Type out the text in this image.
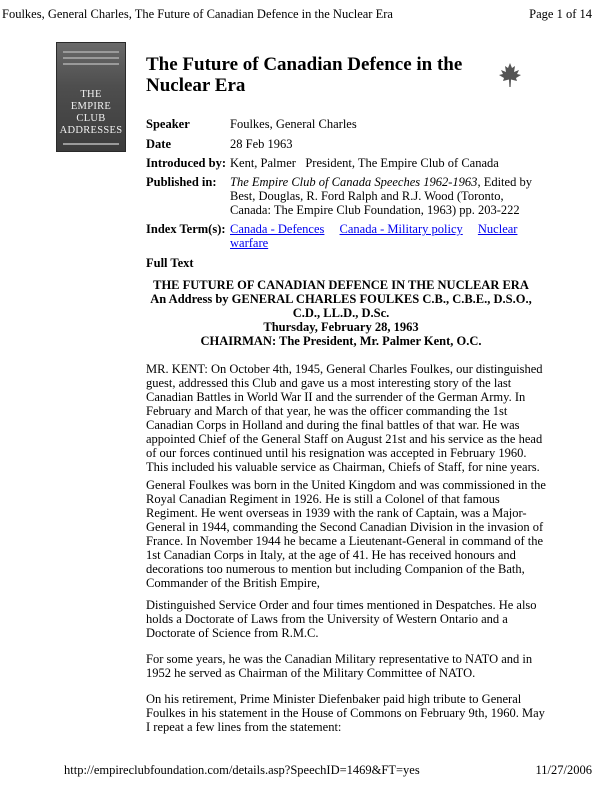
Foulkes, General Charles, The Future of Canadian Defence in the Nuclear Era	Page 1 of 14
THE
EMPIRE
CLUB
ADDRESSES
The Future of Canadian Defence in the Nuclear Era
Speaker	Foulkes, General Charles
Date	28 Feb 1963
Introduced by: Kent, Palmer   President, The Empire Club of Canada
Published in: The Empire Club of Canada Speeches 1962-1963, Edited by
Best, Douglas, R. Ford Ralph and R.J. Wood (Toronto,
Canada: The Empire Club Foundation, 1963) pp. 203-222
Index Term(s): Canada - Defences Canada - Military policy Nuclear warfare
Full Text
THE FUTURE OF CANADIAN DEFENCE IN THE NUCLEAR ERA
An Address by GENERAL CHARLES FOULKES C.B., C.B.E., D.S.O.,
C.D., LL.D., D.Sc.
Thursday, February 28, 1963
CHAIRMAN: The President, Mr. Palmer Kent, O.C.

MR. KENT: On October 4th, 1945, General Charles Foulkes, our distinguished guest, addressed this Club and gave us a most interesting story of the last Canadian Battles in World War II and the surrender of the German Army. In February and March of that year, he was the officer commanding the 1st Canadian Corps in Holland and during the final battles of that war. He was appointed Chief of the General Staff on August 21st and his service as the head of our forces continued until his resignation was accepted in February 1960. This included his valuable service as Chairman, Chiefs of Staff, for nine years.

General Foulkes was born in the United Kingdom and was commissioned in the Royal Canadian Regiment in 1926. He is still a Colonel of that famous Regiment. He went overseas in 1939 with the rank of Captain, was a Major-General in 1944, commanding the Second Canadian Division in the invasion of France. In November 1944 he became a Lieutenant-General in command of the 1st Canadian Corps in Italy, at the age of 41. He has received honours and decorations too numerous to mention but including Companion of the Bath, Commander of the British Empire,

Distinguished Service Order and four times mentioned in Despatches. He also holds a Doctorate of Laws from the University of Western Ontario and a Doctorate of Science from R.M.C.

For some years, he was the Canadian Military representative to NATO and in 1952 he served as Chairman of the Military Committee of NATO.

On his retirement, Prime Minister Diefenbaker paid high tribute to General Foulkes in his statement in the House of Commons on February 9th, 1960. May I repeat a few lines from the statement:

http://empireclubfoundation.com/details.asp?SpeechID=1469&FT=yes	11/27/2006
